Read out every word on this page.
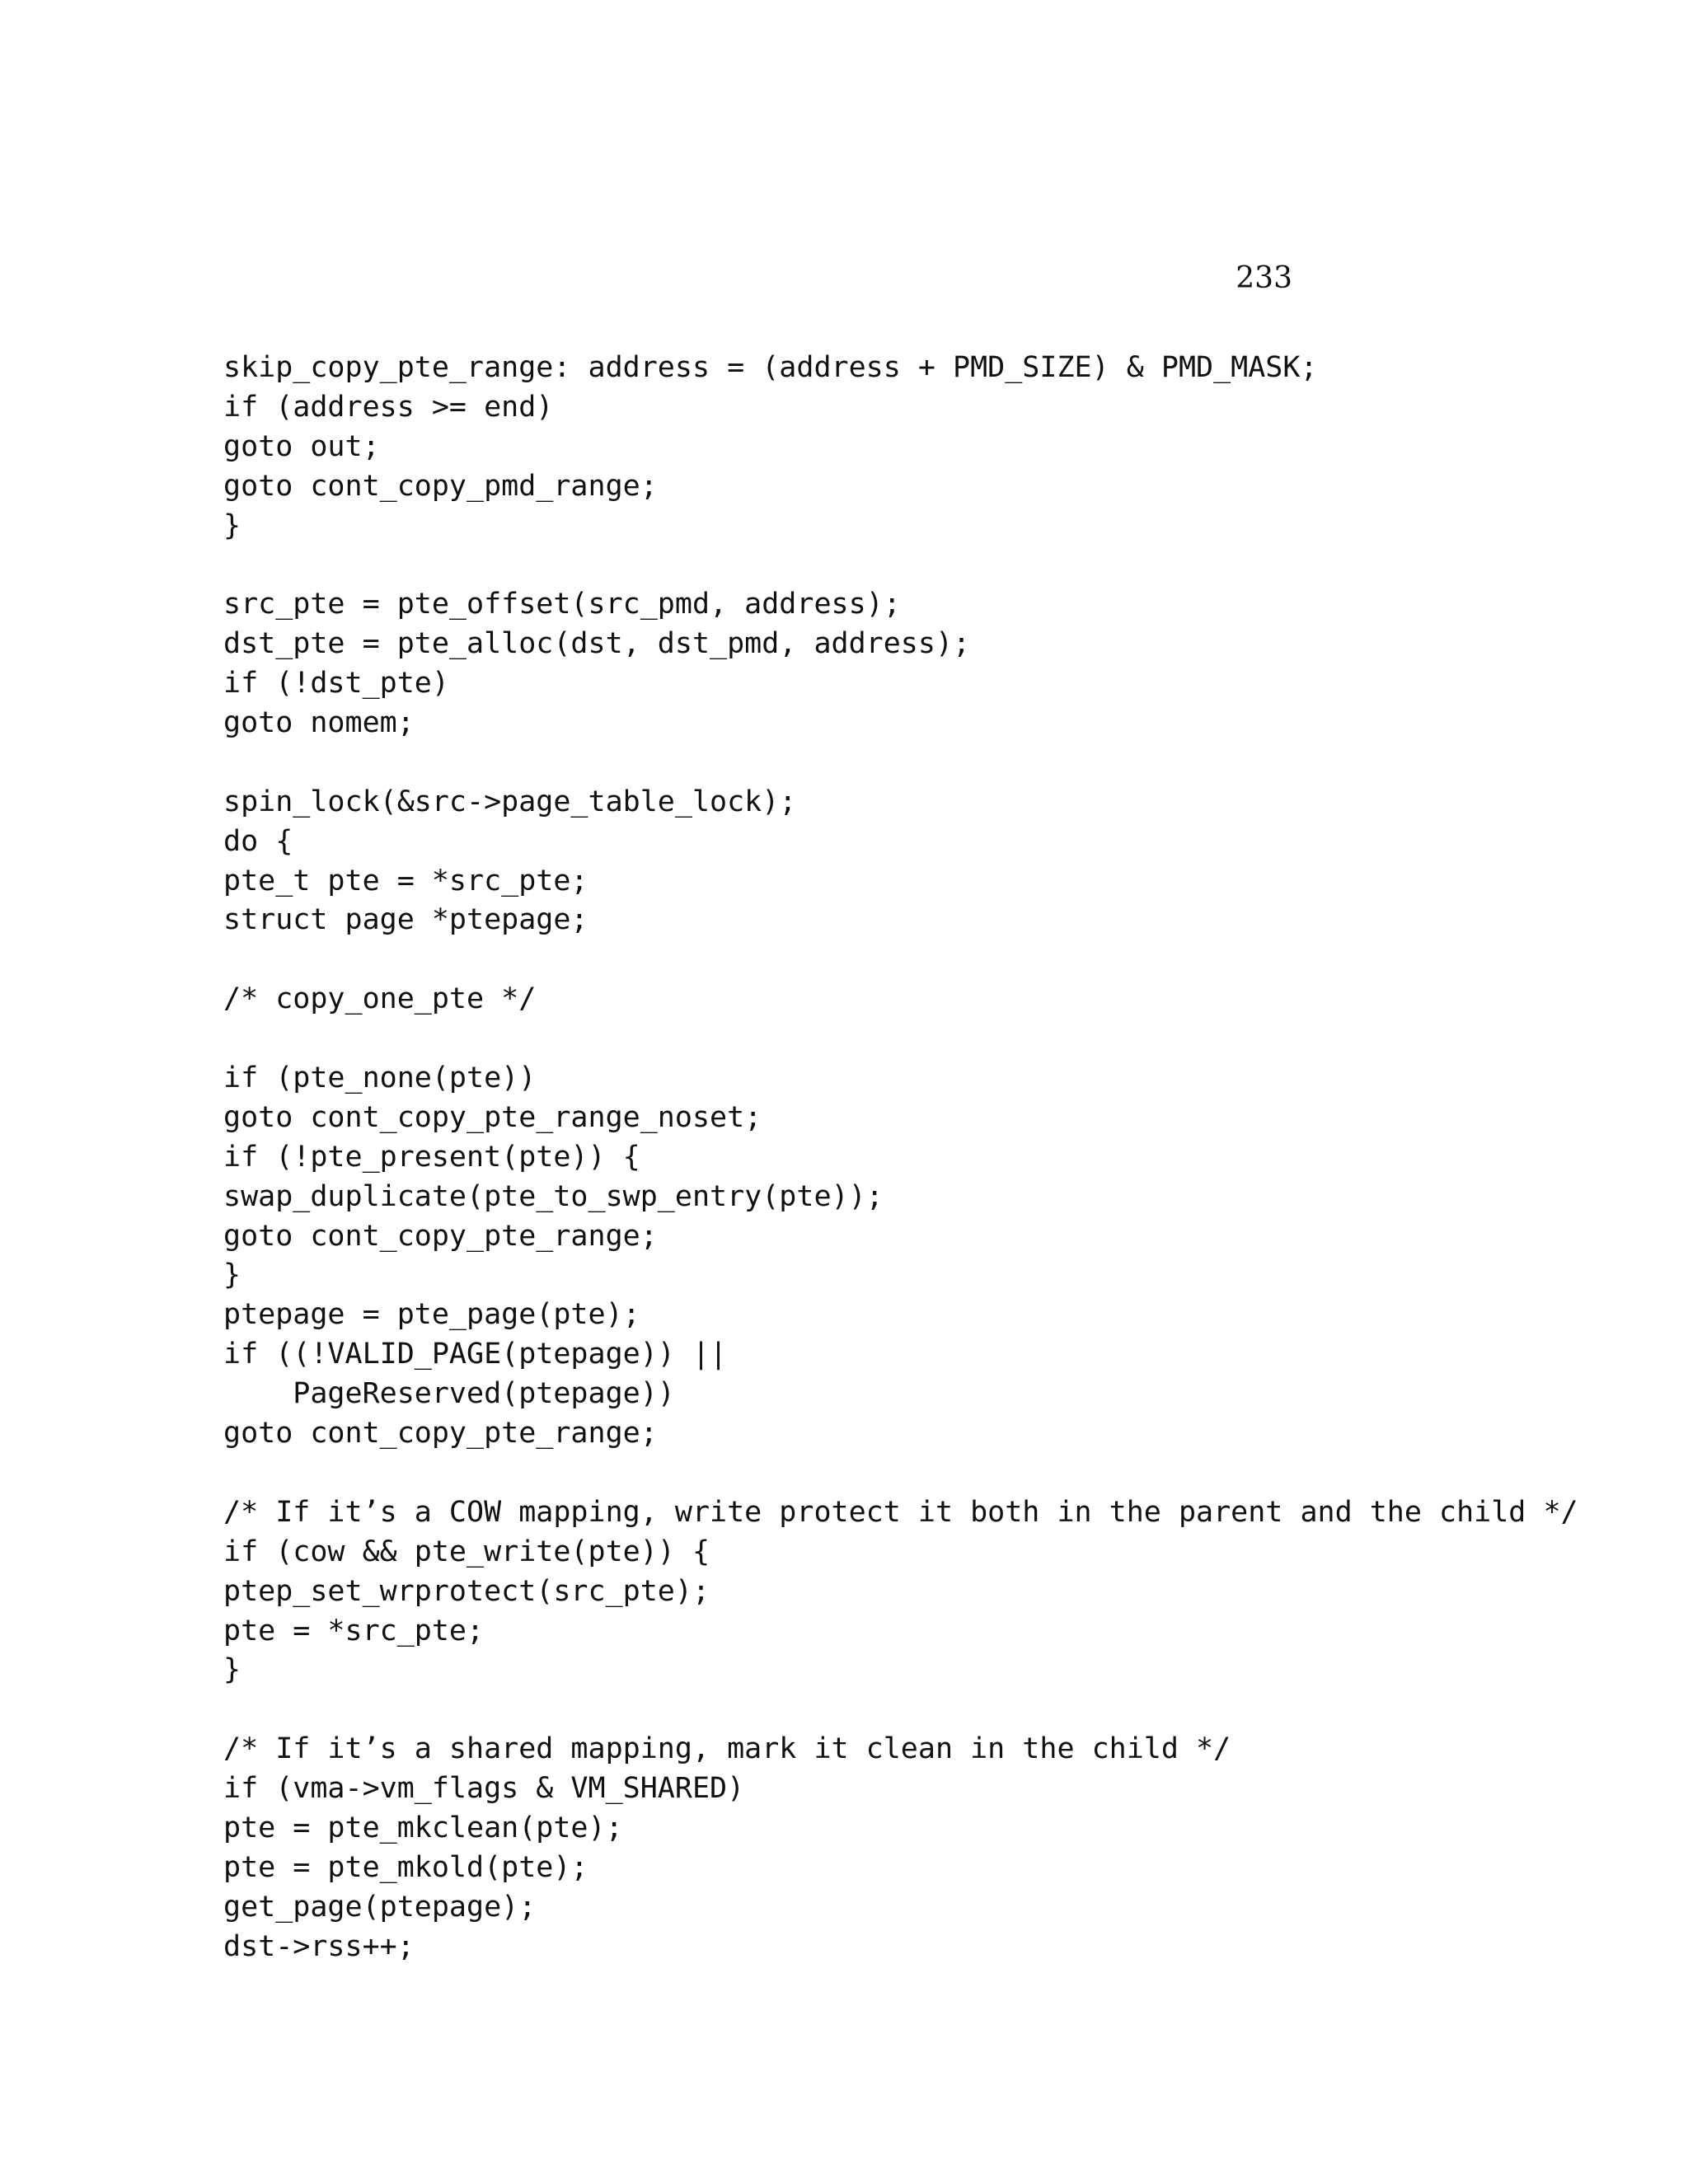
233
skip_copy_pte_range: address = (address + PMD_SIZE) & PMD_MASK;
if (address >= end)
goto out;
goto cont_copy_pmd_range;
}
src_pte = pte_offset(src_pmd, address);
dst_pte = pte_alloc(dst, dst_pmd, address);
if (!dst_pte)
goto nomem;
spin_lock(&src->page_table_lock);
do {
pte_t pte = *src_pte;
struct page *ptepage;
/* copy_one_pte */
if (pte_none(pte))
goto cont_copy_pte_range_noset;
if (!pte_present(pte)) {
swap_duplicate(pte_to_swp_entry(pte));
goto cont_copy_pte_range;
}
ptepage = pte_page(pte);
if ((!VALID_PAGE(ptepage)) ||
PageReserved(ptepage))
goto cont_copy_pte_range;
/* If it’s a COW mapping, write protect it both in the parent and the child */
if (cow && pte_write(pte)) {
ptep_set_wrprotect(src_pte);
pte = *src_pte;
}
/* If it’s a shared mapping, mark it clean in the child */
if (vma->vm_flags & VM_SHARED)
pte = pte_mkclean(pte);
pte = pte_mkold(pte);
get_page(ptepage);
dst->rss++;
